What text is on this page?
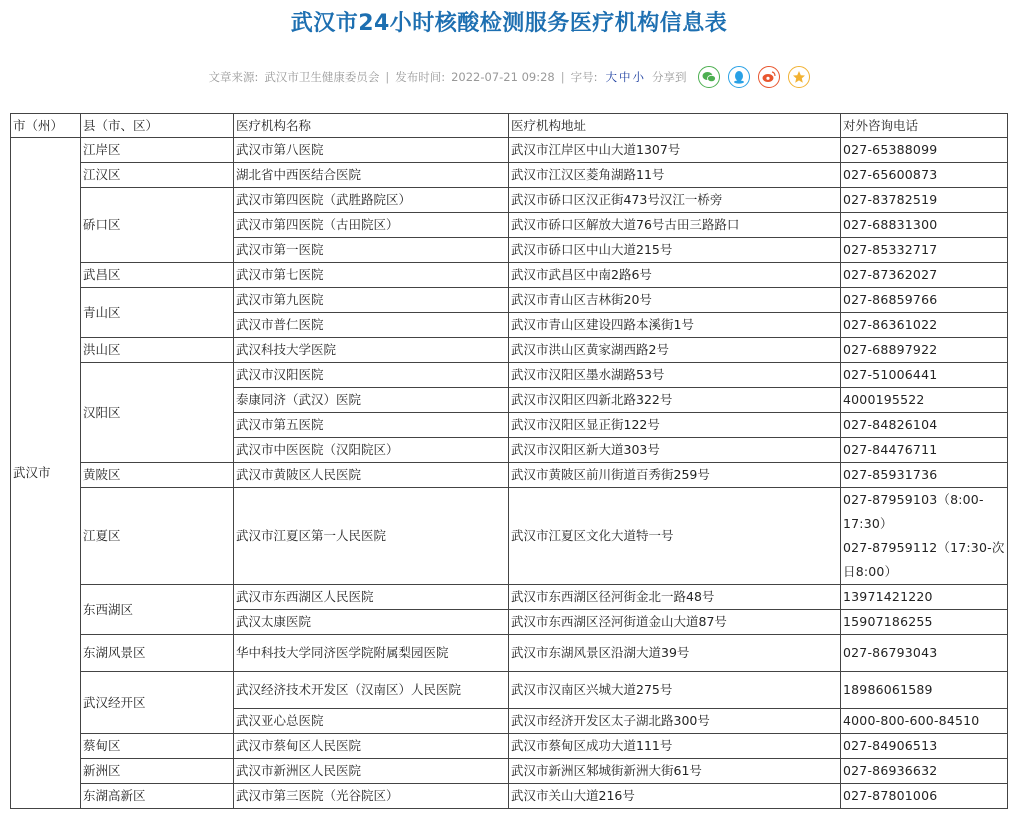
武汉市24小时核酸检测服务医疗机构信息表
文章来源: 武汉市卫生健康委员会 | 发布时间: 2022-07-21 09:28 | 字号: 大 中 小 分享到
市（州）	县（市、区）	医疗机构名称	医疗机构地址	对外咨询电话
武汉市	江岸区	武汉市第八医院	武汉市江岸区中山大道1307号	027-65388099
	江汉区	湖北省中西医结合医院	武汉市江汉区菱角湖路11号	027-65600873
	硚口区	武汉市第四医院（武胜路院区）	武汉市硚口区汉正街473号汉江一桥旁	027-83782519
		武汉市第四医院（古田院区）	武汉市硚口区解放大道76号古田三路路口	027-68831300
		武汉市第一医院	武汉市硚口区中山大道215号	027-85332717
	武昌区	武汉市第七医院	武汉市武昌区中南2路6号	027-87362027
	青山区	武汉市第九医院	武汉市青山区吉林街20号	027-86859766
		武汉市普仁医院	武汉市青山区建设四路本溪街1号	027-86361022
	洪山区	武汉科技大学医院	武汉市洪山区黄家湖西路2号	027-68897922
	汉阳区	武汉市汉阳医院	武汉市汉阳区墨水湖路53号	027-51006441
		泰康同济（武汉）医院	武汉市汉阳区四新北路322号	4000195522
		武汉市第五医院	武汉市汉阳区显正街122号	027-84826104
		武汉市中医医院（汉阳院区）	武汉市汉阳区新大道303号	027-84476711
	黄陂区	武汉市黄陂区人民医院	武汉市黄陂区前川街道百秀街259号	027-85931736
	江夏区	武汉市江夏区第一人民医院	武汉市江夏区文化大道特一号	027-87959103（8:00-17:30）
027-87959112（17:30-次日8:00）

	东西湖区	武汉市东西湖区人民医院	武汉市东西湖区径河街金北一路48号	13971421220
		武汉太康医院	武汉市东西湖区泾河街道金山大道87号	15907186255
	东湖风景区	华中科技大学同济医学院附属梨园医院	武汉市东湖风景区沿湖大道39号	027-86793043
	武汉经开区	武汉经济技术开发区（汉南区）人民医院	武汉市汉南区兴城大道275号	18986061589
		武汉亚心总医院	武汉市经济开发区太子湖北路300号	4000-800-600-84510
	蔡甸区	武汉市蔡甸区人民医院	武汉市蔡甸区成功大道111号	027-84906513
	新洲区	武汉市新洲区人民医院	武汉市新洲区邾城街新洲大街61号	027-86936632
	东湖高新区	武汉市第三医院（光谷院区）	武汉市关山大道216号	027-87801006
